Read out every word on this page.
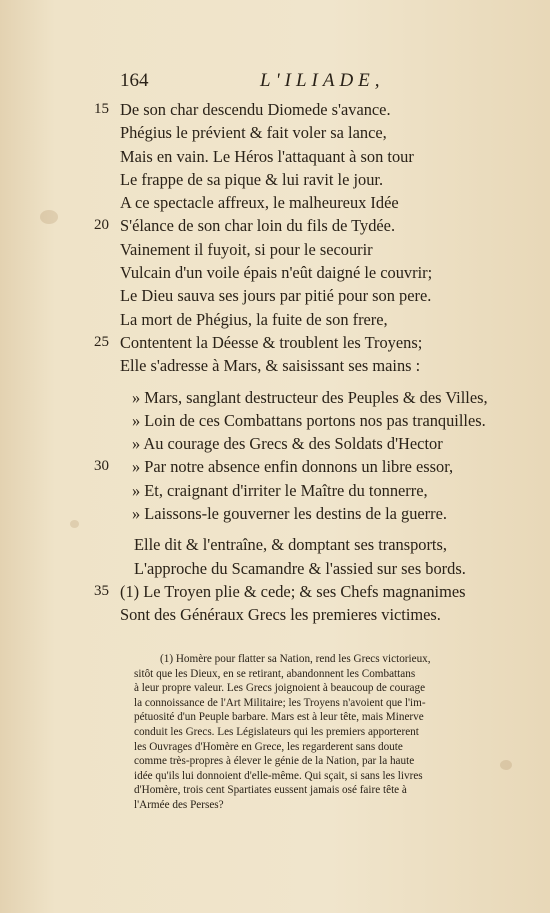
164	L'ILIADE,
15 De son char descendu Diomede s'avance.
Phégius le prévient & fait voler sa lance,
Mais en vain. Le Héros l'attaquant à son tour
Le frappe de sa pique & lui ravit le jour.
A ce spectacle affreux, le malheureux Idée
20 S'élance de son char loin du fils de Tydée.
Vainement il fuyoit, si pour le secourir
Vulcain d'un voile épais n'eût daigné le couvrir;
Le Dieu sauva ses jours par pitié pour son pere.
La mort de Phégius, la fuite de son frere,
25 Contentent la Déesse & troublent les Troyens;
Elle s'adresse à Mars, & saisissant ses mains :
» Mars, sanglant destructeur des Peuples & des Villes,
» Loin de ces Combattans portons nos pas tranquilles.
» Au courage des Grecs & des Soldats d'Hector
30 » Par notre absence enfin donnons un libre essor,
» Et, craignant d'irriter le Maître du tonnerre,
» Laissons-le gouverner les destins de la guerre.
Elle dit & l'entraîne, & domptant ses transports,
L'approche du Scamandre & l'assied sur ses bords.
35 (1) Le Troyen plie & cede; & ses Chefs magnanimes
Sont des Généraux Grecs les premieres victimes.
(1) Homère pour flatter sa Nation, rend les Grecs victorieux,
sitôt que les Dieux, en se retirant, abandonnent les Combattans
à leur propre valeur. Les Grecs joignoient à beaucoup de courage
la connoissance de l'Art Militaire; les Troyens n'avoient que l'im-
pétuosité d'un Peuple barbare. Mars est à leur tête, mais Minerve
conduit les Grecs. Les Législateurs qui les premiers apporterent
les Ouvrages d'Homère en Grece, les regarderent sans doute
comme très-propres à élever le génie de la Nation, par la haute
idée qu'ils lui donnoient d'elle-même. Qui sçait, si sans les livres
d'Homère, trois cent Spartiates eussent jamais osé faire tête à
l'Armée des Perses?
